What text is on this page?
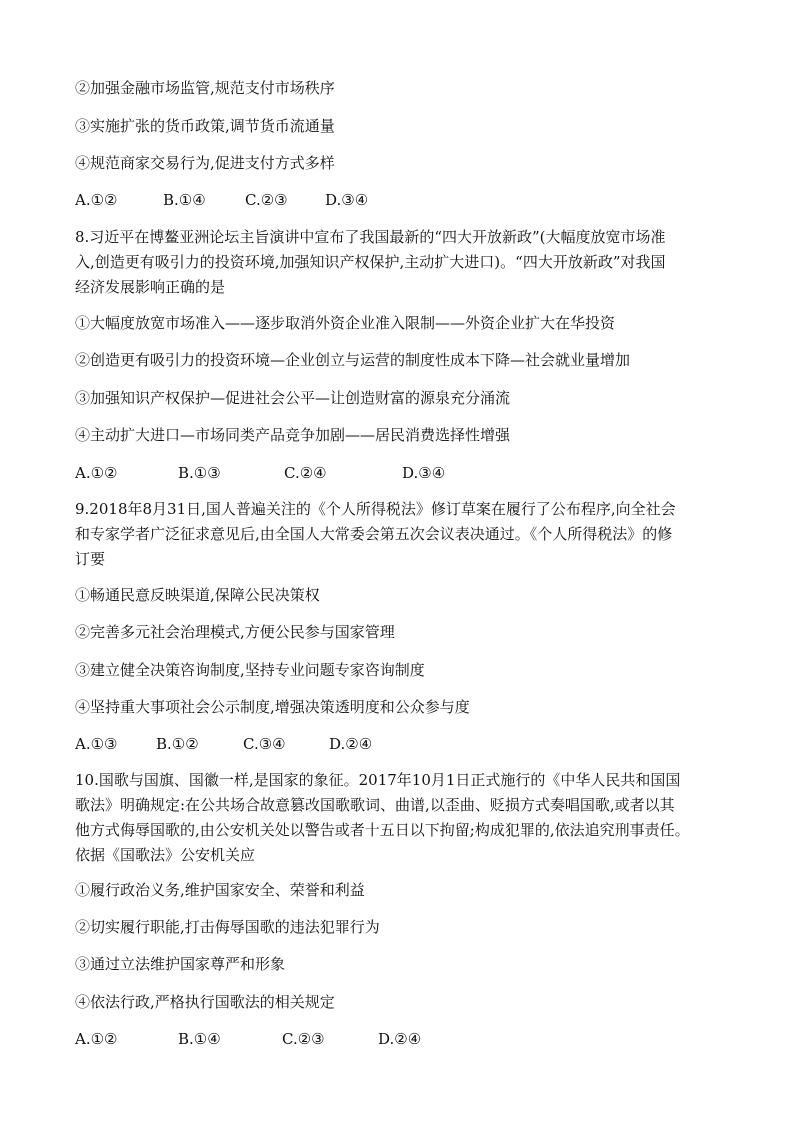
②加强金融市场监管,规范支付市场秩序
③实施扩张的货币政策,调节货币流通量
④规范商家交易行为,促进支付方式多样
A.①②	B.①④	C.②③ D.③④
8.习近平在博鳌亚洲论坛主旨演讲中宣布了我国最新的“四大开放新政”(大幅度放宽市场准
入,创造更有吸引力的投资环境,加强知识产权保护,主动扩大进口)。“四大开放新政”对我国
经济发展影响正确的是
①大幅度放宽市场准入——逐步取消外资企业准入限制——外资企业扩大在华投资
②创造更有吸引力的投资环境—企业创立与运营的制度性成本下降—社会就业量增加
③加强知识产权保护—促进社会公平—让创造财富的源泉充分涌流
④主动扩大进口—市场同类产品竞争加剧——居民消费选择性增强
A.①②	B.①③	C.②④	D.③④
9.2018年8月31日,国人普遍关注的《个人所得税法》修订草案在履行了公布程序,向全社会
和专家学者广泛征求意见后,由全国人大常委会第五次会议表决通过。《个人所得税法》的修
订要
①畅通民意反映渠道,保障公民决策权
②完善多元社会治理模式,方便公民参与国家管理
③建立健全决策咨询制度,坚持专业问题专家咨询制度
④坚持重大事项社会公示制度,增强决策透明度和公众参与度
A.①③	B.①②	C.③④	D.②④
10.国歌与国旗、国徽一样,是国家的象征。2017年10月1日正式施行的《中华人民共和国国
歌法》明确规定:在公共场合故意篡改国歌歌词、曲谱,以歪曲、贬损方式奏唱国歌,或者以其
他方式侮辱国歌的,由公安机关处以警告或者十五日以下拘留;构成犯罪的,依法追究刑事责任。
依据《国歌法》公安机关应
①履行政治义务,维护国家安全、荣誉和利益
②切实履行职能,打击侮辱国歌的违法犯罪行为
③通过立法维护国家尊严和形象
④依法行政,严格执行国歌法的相关规定
A.①②	B.①④	C.②③	D.②④
